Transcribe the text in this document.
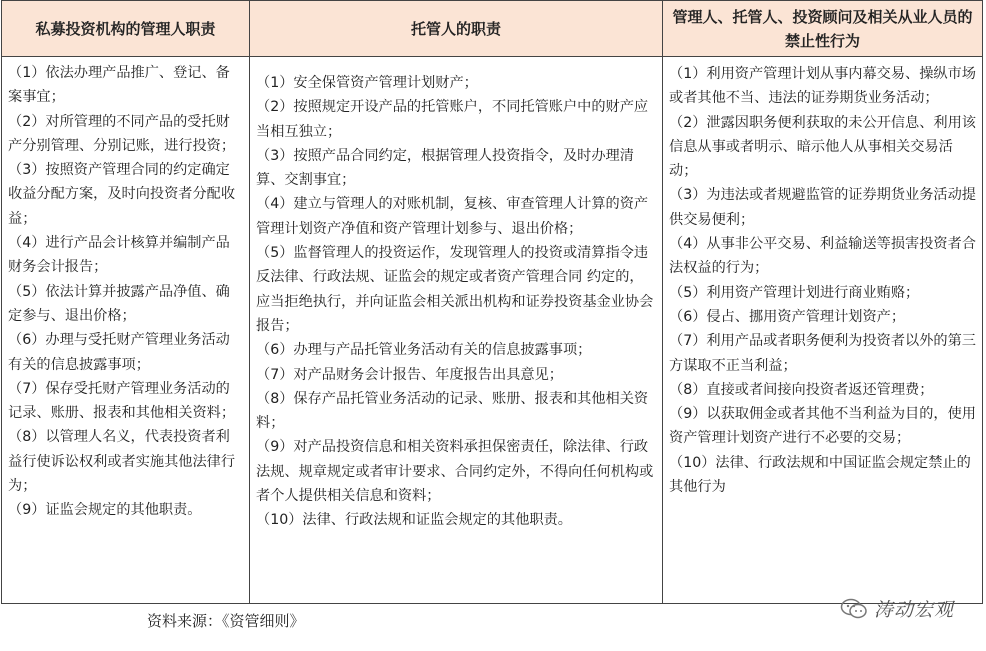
私募投资机构的管理人职责	托管人的职责
管理人、托管人、投资顾问及相关从业人员的禁止性行为
（1）依法办理产品推广、登记、备案事宜；
（2）对所管理的不同产品的受托财产分别管理、分别记账，进行投资；
（3）按照资产管理合同的约定确定收益分配方案，及时向投资者分配收益；
（4）进行产品会计核算并编制产品财务会计报告；
（5）依法计算并披露产品净值、确定参与、退出价格；
（6）办理与受托财产管理业务活动有关的信息披露事项；
（7）保存受托财产管理业务活动的记录、账册、报表和其他相关资料；
（8）以管理人名义，代表投资者利益行使诉讼权利或者实施其他法律行为；
（9）证监会规定的其他职责。
（1）安全保管资产管理计划财产；
（2）按照规定开设产品的托管账户，不同托管账户中的财产应当相互独立；
（3）按照产品合同约定，根据管理人投资指令，及时办理清算、交割事宜；
（4）建立与管理人的对账机制，复核、审查管理人计算的资产管理计划资产净值和资产管理计划参与、退出价格；
（5）监督管理人的投资运作，发现管理人的投资或清算指令违反法律、行政法规、证监会的规定或者资产管理合同 约定的，应当拒绝执行，并向证监会相关派出机构和证券投资基金业协会报告；
（6）办理与产品托管业务活动有关的信息披露事项；
（7）对产品财务会计报告、年度报告出具意见；
（8）保存产品托管业务活动的记录、账册、报表和其他相关资料；
（9）对产品投资信息和相关资料承担保密责任，除法律、行政法规、规章规定或者审计要求、合同约定外，不得向任何机构或者个人提供相关信息和资料；
（10）法律、行政法规和证监会规定的其他职责。
（1）利用资产管理计划从事内幕交易、操纵市场或者其他不当、违法的证券期货业务活动；
（2）泄露因职务便利获取的未公开信息、利用该信息从事或者明示、暗示他人从事相关交易活动；
（3）为违法或者规避监管的证券期货业务活动提供交易便利；
（4）从事非公平交易、利益输送等损害投资者合法权益的行为；
（5）利用资产管理计划进行商业贿赂；
（6）侵占、挪用资产管理计划资产；
（7）利用产品或者职务便利为投资者以外的第三方谋取不正当利益；
（8）直接或者间接向投资者返还管理费；
（9）以获取佣金或者其他不当利益为目的，使用资产管理计划资产进行不必要的交易；
（10）法律、行政法规和中国证监会规定禁止的其他行为
资料来源：《资管细则》	涛动宏观
